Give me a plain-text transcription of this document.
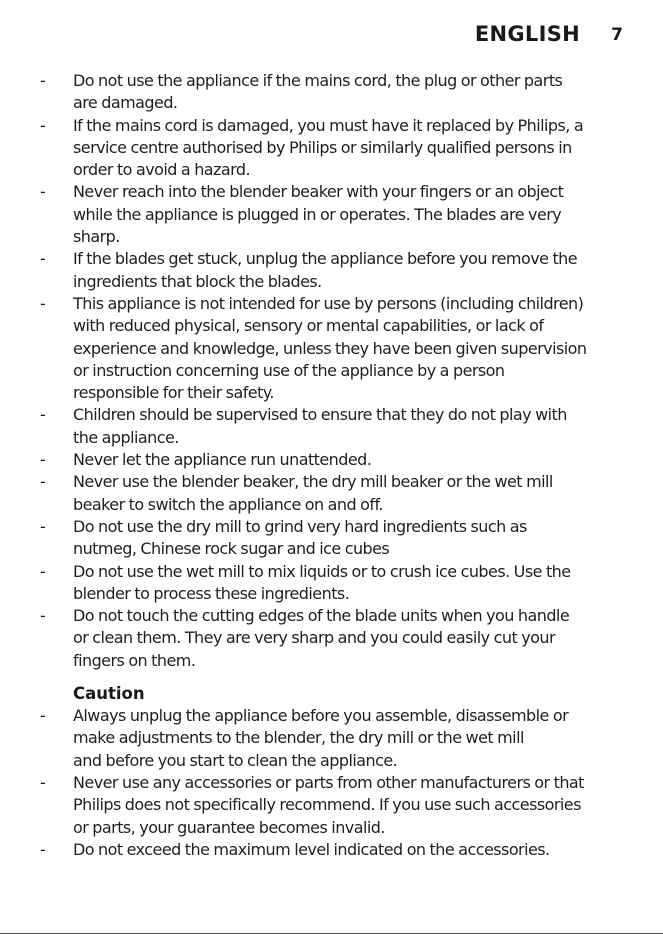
ENGLISH 7
- Do not use the appliance if the mains cord, the plug or other parts
are damaged.
- If the mains cord is damaged, you must have it replaced by Philips, a
service centre authorised by Philips or similarly qualified persons in
order to avoid a hazard.
- Never reach into the blender beaker with your fingers or an object
while the appliance is plugged in or operates. The blades are very
sharp.
- If the blades get stuck, unplug the appliance before you remove the
ingredients that block the blades.
- This appliance is not intended for use by persons (including children)
with reduced physical, sensory or mental capabilities, or lack of
experience and knowledge, unless they have been given supervision
or instruction concerning use of the appliance by a person
responsible for their safety.
- Children should be supervised to ensure that they do not play with
the appliance.
- Never let the appliance run unattended.
- Never use the blender beaker, the dry mill beaker or the wet mill
beaker to switch the appliance on and off.
- Do not use the dry mill to grind very hard ingredients such as
nutmeg, Chinese rock sugar and ice cubes
- Do not use the wet mill to mix liquids or to crush ice cubes. Use the
blender to process these ingredients.
- Do not touch the cutting edges of the blade units when you handle
or clean them. They are very sharp and you could easily cut your
fingers on them.
Caution
- Always unplug the appliance before you assemble, disassemble or
make adjustments to the blender, the dry mill or the wet mill
and before you start to clean the appliance.
- Never use any accessories or parts from other manufacturers or that
Philips does not specifically recommend. If you use such accessories
or parts, your guarantee becomes invalid.
- Do not exceed the maximum level indicated on the accessories.
